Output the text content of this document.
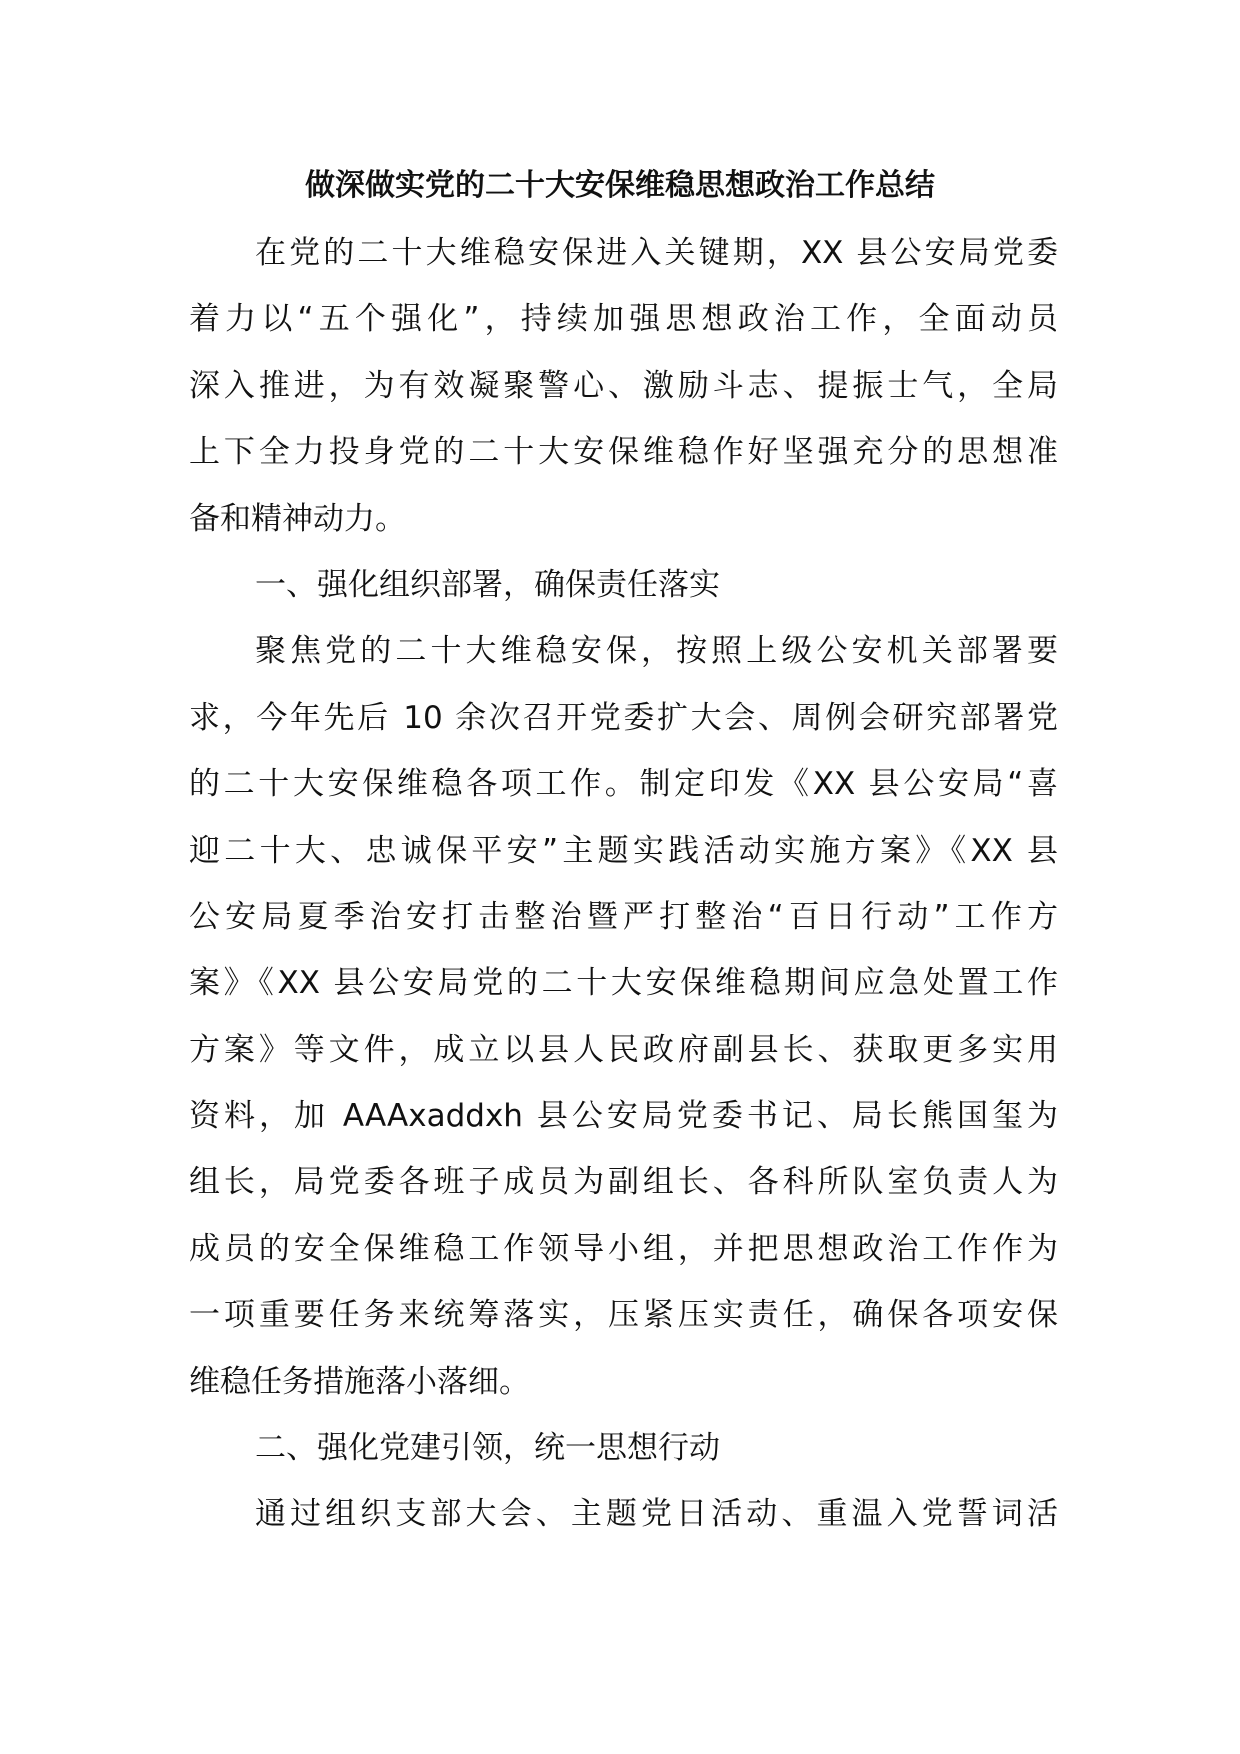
做深做实党的二十大安保维稳思想政治工作总结
在党的二十大维稳安保进入关键期，XX 县公安局党委
着力以“五个强化”，持续加强思想政治工作，全面动员
深入推进，为有效凝聚警心、激励斗志、提振士气，全局
上下全力投身党的二十大安保维稳作好坚强充分的思想准
备和精神动力。
一、强化组织部署，确保责任落实
聚焦党的二十大维稳安保，按照上级公安机关部署要
求，今年先后 10 余次召开党委扩大会、周例会研究部署党
的二十大安保维稳各项工作。制定印发《XX 县公安局“喜
迎二十大、忠诚保平安”主题实践活动实施方案》《XX 县
公安局夏季治安打击整治暨严打整治“百日行动”工作方
案》《XX 县公安局党的二十大安保维稳期间应急处置工作
方案》等文件，成立以县人民政府副县长、获取更多实用
资料，加 AAAxaddxh 县公安局党委书记、局长熊国玺为
组长，局党委各班子成员为副组长、各科所队室负责人为
成员的安全保维稳工作领导小组，并把思想政治工作作为
一项重要任务来统筹落实，压紧压实责任，确保各项安保
维稳任务措施落小落细。
二、强化党建引领，统一思想行动
通过组织支部大会、主题党日活动、重温入党誓词活
